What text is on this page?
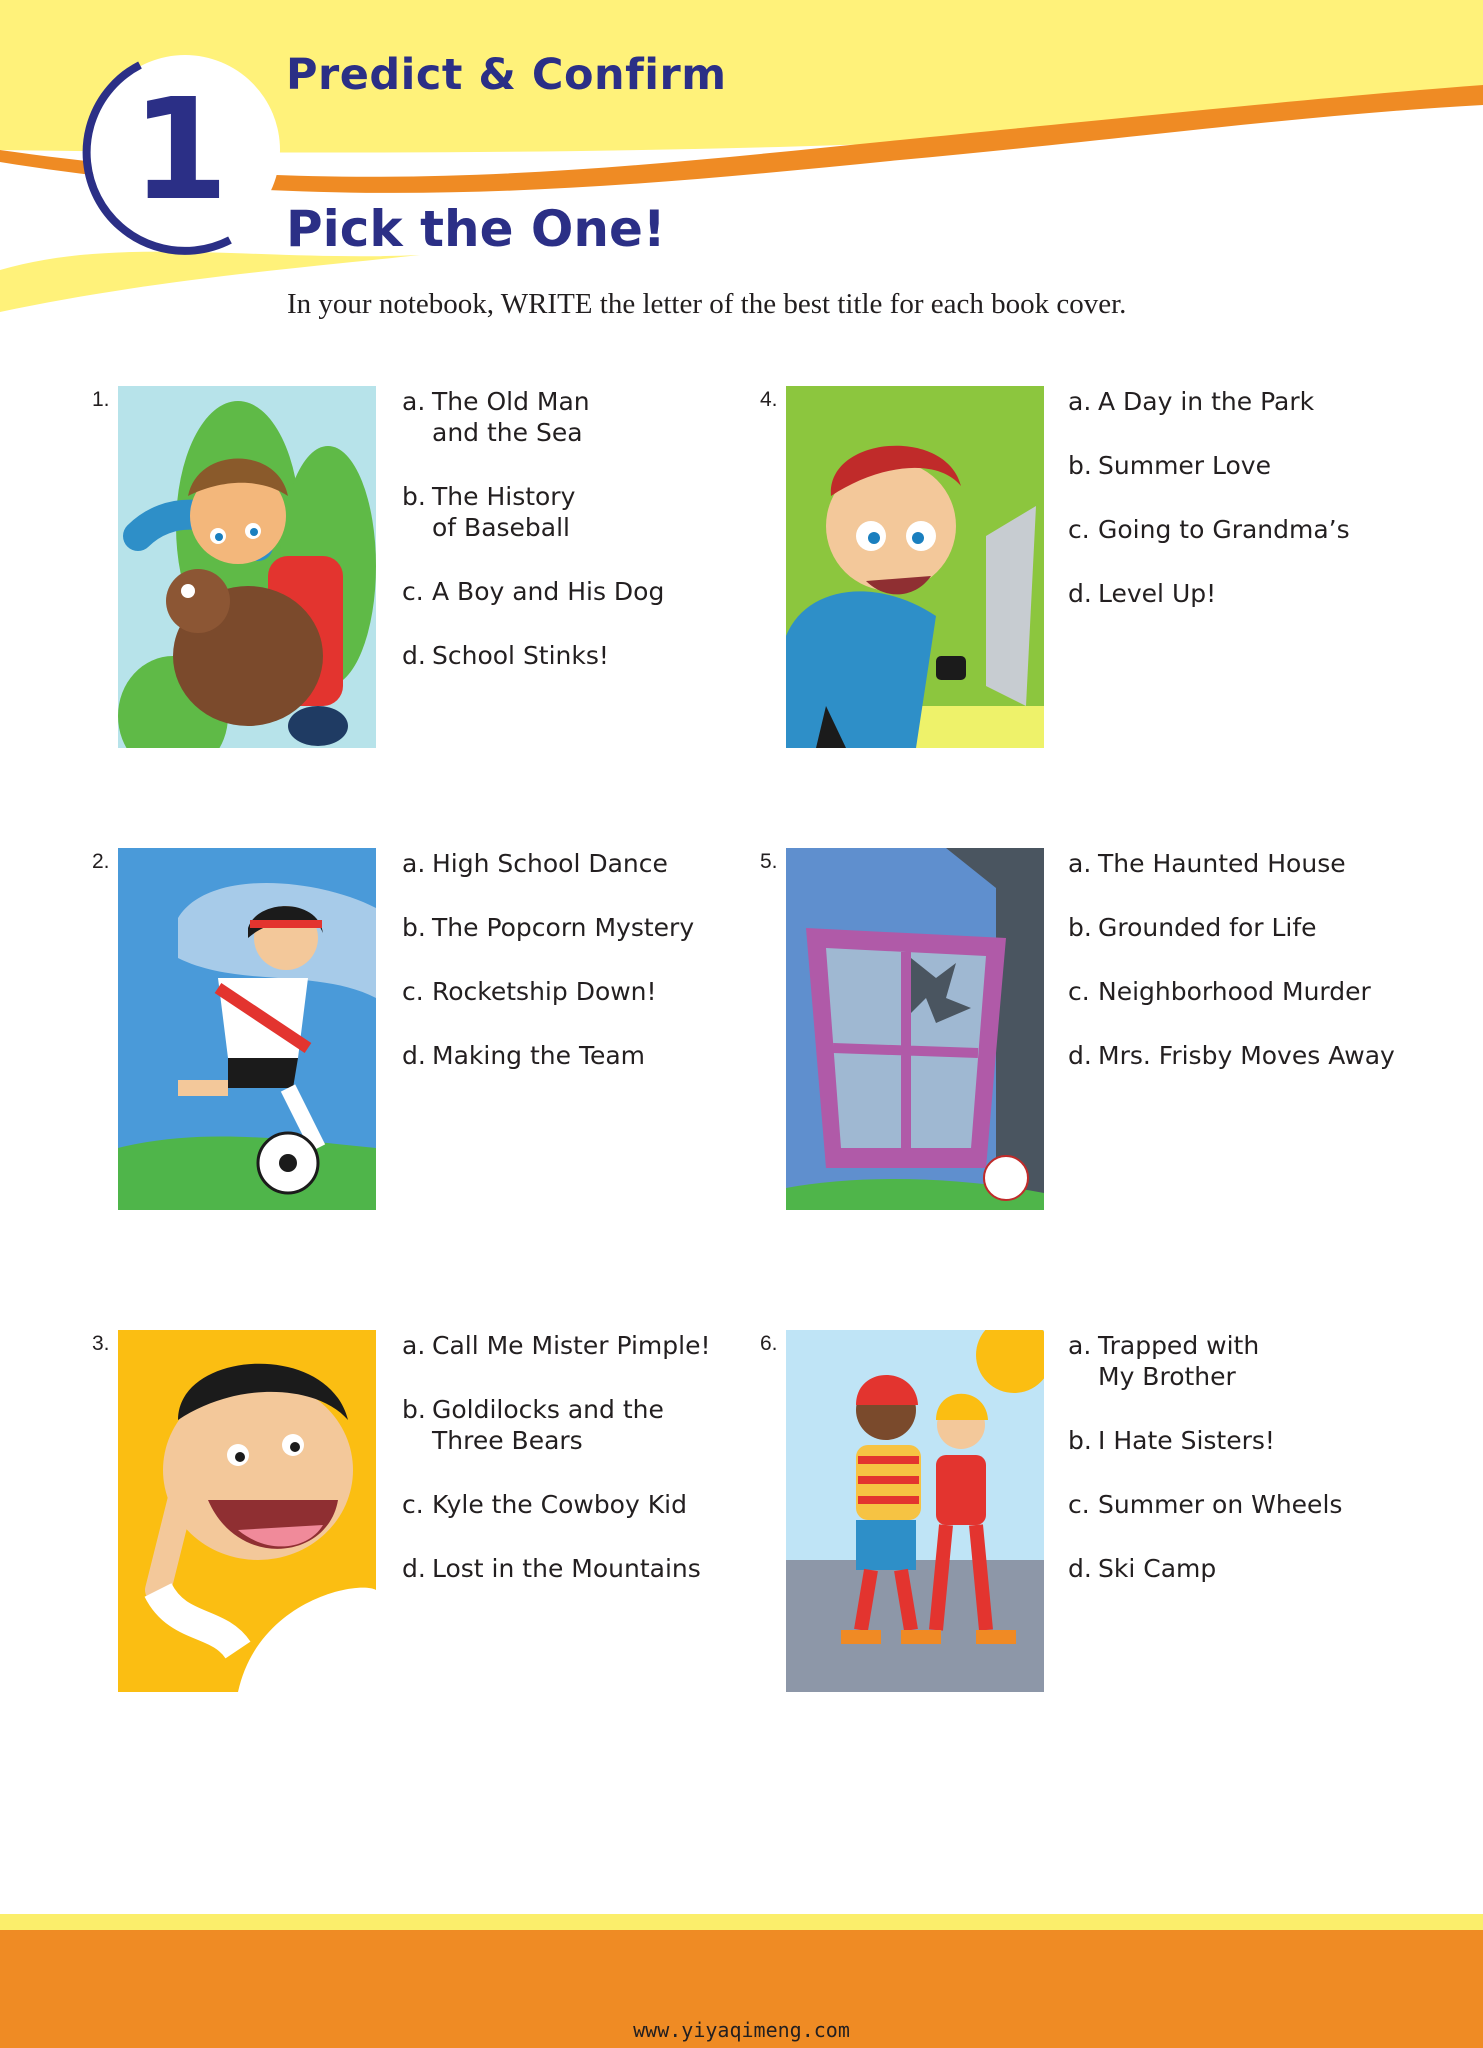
1 Predict & Confirm
Pick the One!

In your notebook, WRITE the letter of the best title for each book cover.

1.	a. The Old Man
and the Sea
b. The History
of Baseball
c. A Boy and His Dog
d. School Stinks!
2.	a. High School Dance
b. The Popcorn Mystery
c. Rocketship Down!
d. Making the Team
3.	a. Call Me Mister Pimple!
b. Goldilocks and the
Three Bears
c. Kyle the Cowboy Kid
d. Lost in the Mountains
4.	a. A Day in the Park
b. Summer Love
c. Going to Grandma’s
d. Level Up!
5.	a. The Haunted House
b. Grounded for Life
c. Neighborhood Murder
d. Mrs. Frisby Moves Away
6.	a. Trapped with
My Brother
b. I Hate Sisters!
c. Summer on Wheels
d. Ski Camp
www.yiyaqimeng.com
